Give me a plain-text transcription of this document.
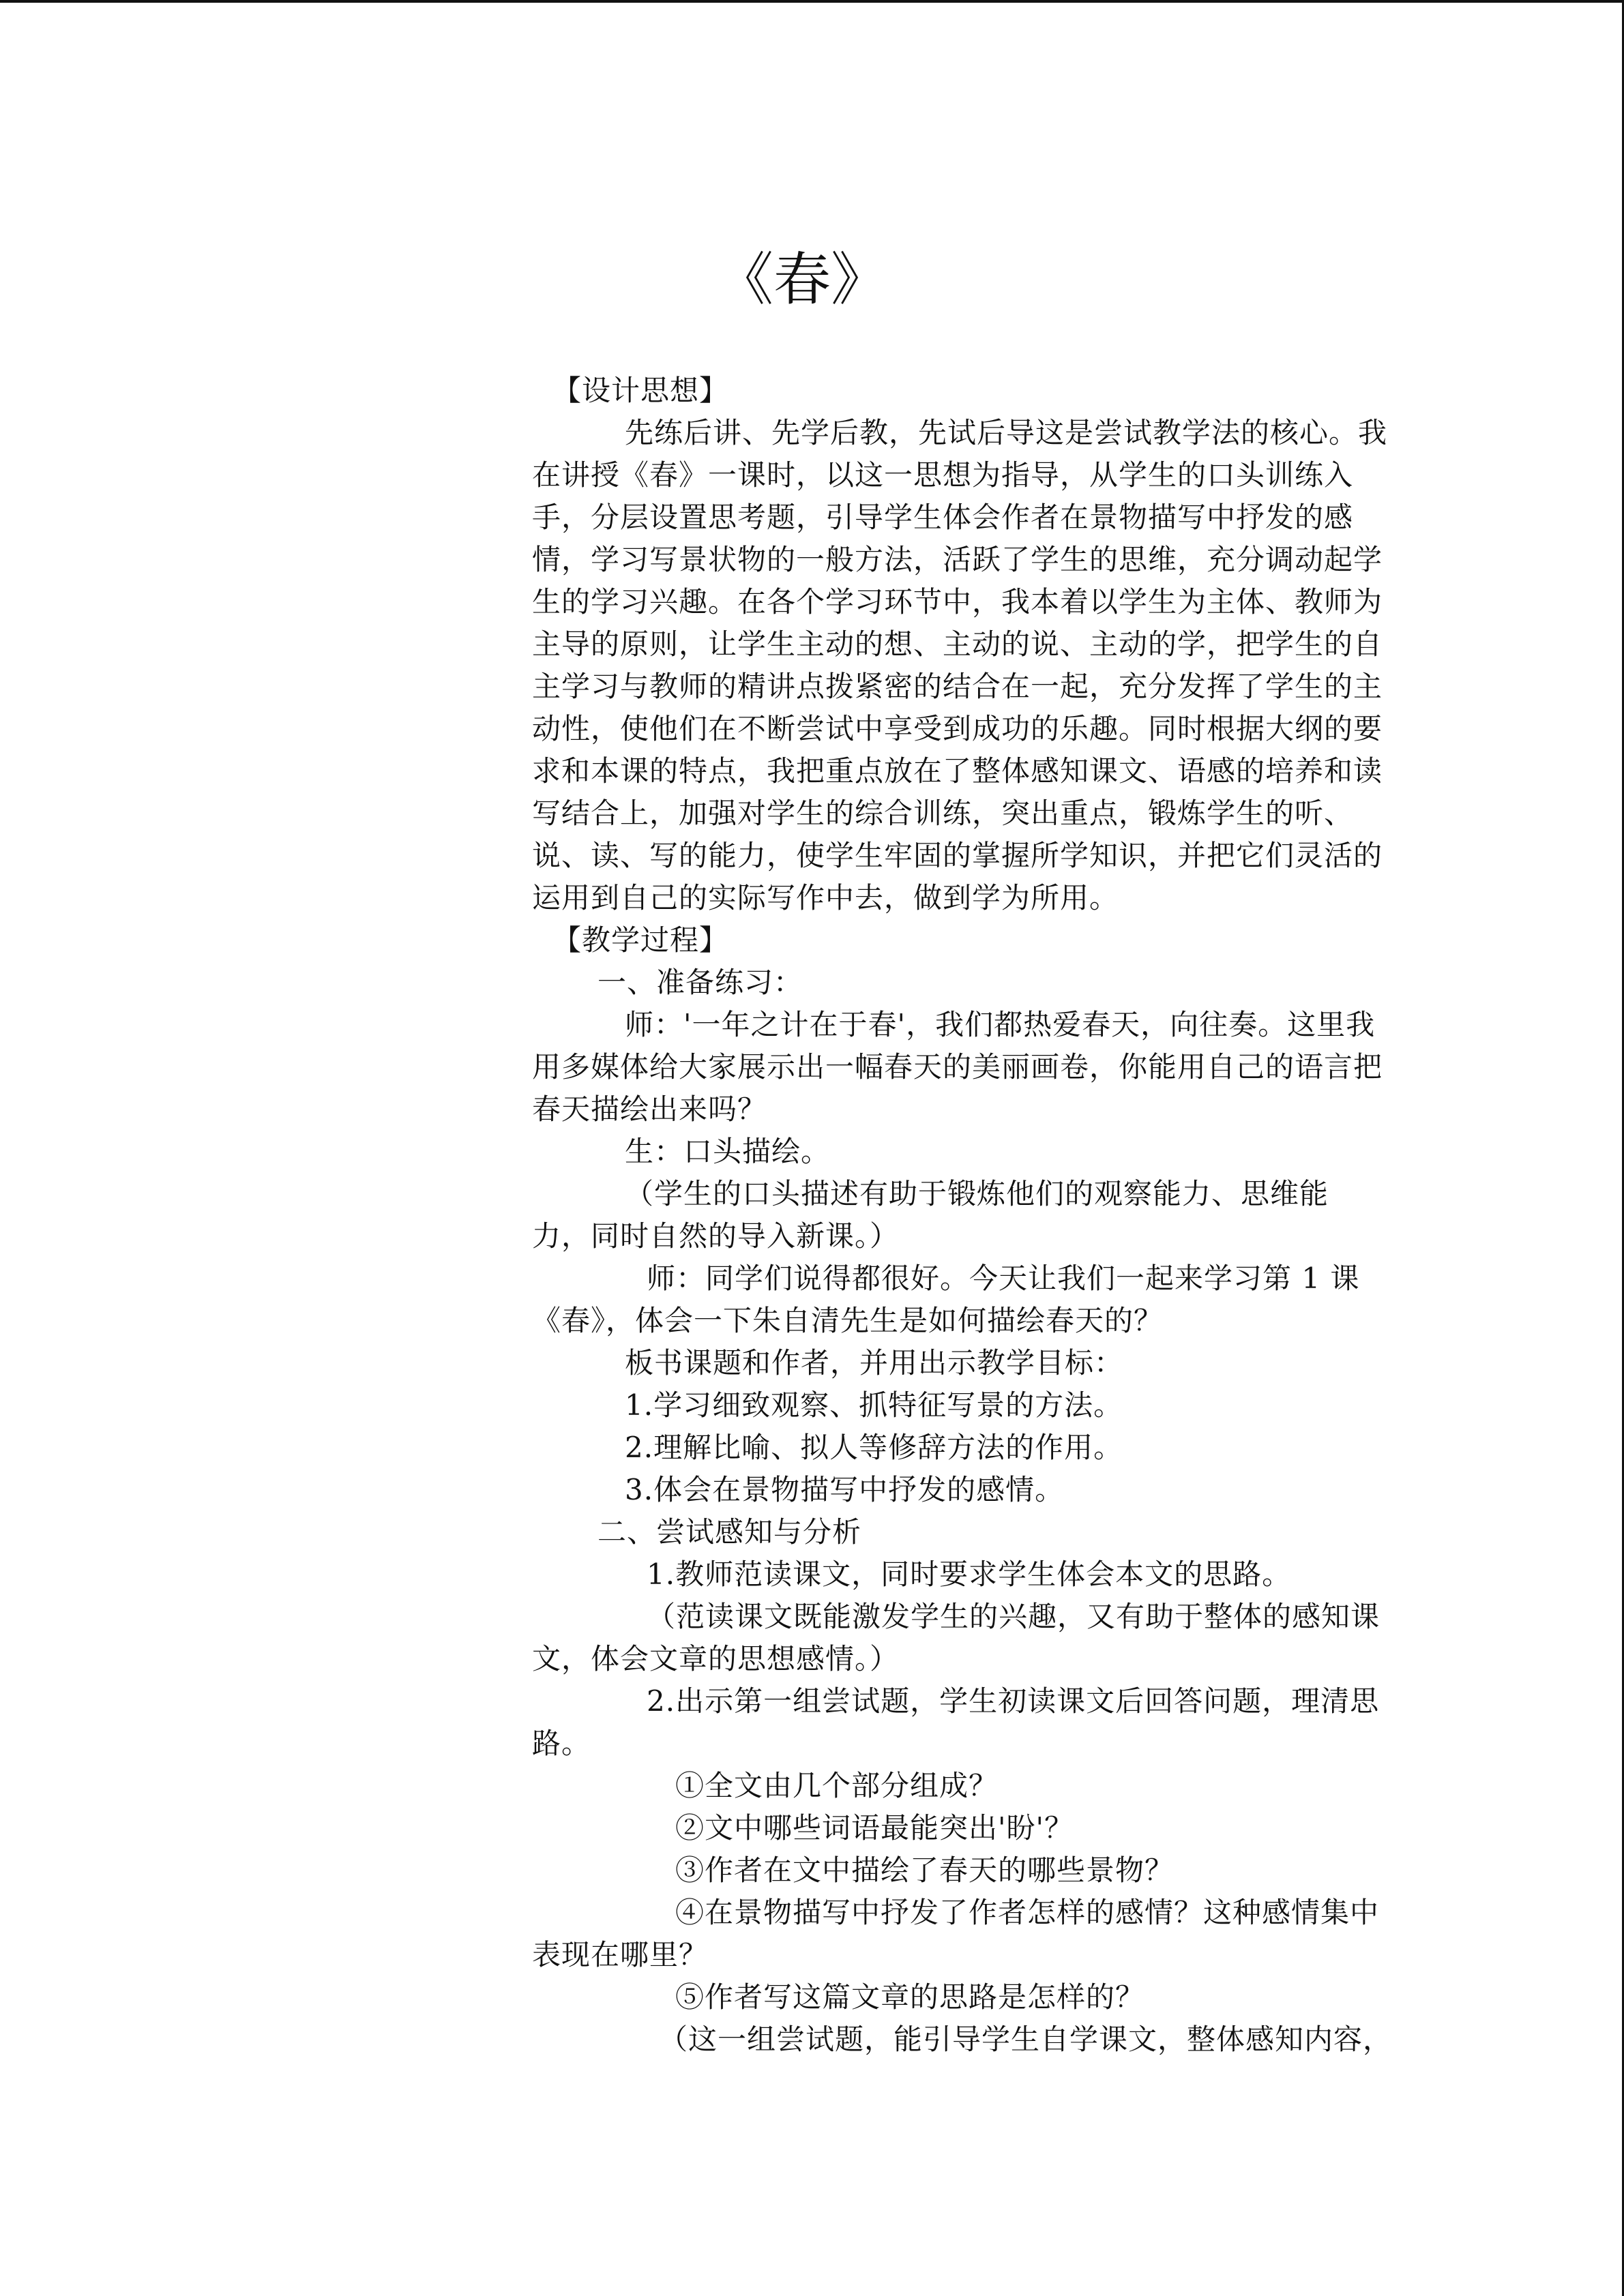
《春》
【设计思想】
先练后讲、先学后教，先试后导这是尝试教学法的核心。我
在讲授《春》一课时，以这一思想为指导，从学生的口头训练入
手，分层设置思考题，引导学生体会作者在景物描写中抒发的感
情，学习写景状物的一般方法，活跃了学生的思维，充分调动起学
生的学习兴趣。在各个学习环节中，我本着以学生为主体、教师为
主导的原则，让学生主动的想、主动的说、主动的学，把学生的自
主学习与教师的精讲点拨紧密的结合在一起，充分发挥了学生的主
动性，使他们在不断尝试中享受到成功的乐趣。同时根据大纲的要
求和本课的特点，我把重点放在了整体感知课文、语感的培养和读
写结合上，加强对学生的综合训练，突出重点，锻炼学生的听、
说、读、写的能力，使学生牢固的掌握所学知识，并把它们灵活的
运用到自己的实际写作中去，做到学为所用。
【教学过程】
一、准备练习：
师：'一年之计在于春'，我们都热爱春天，向往奏。这里我
用多媒体给大家展示出一幅春天的美丽画卷，你能用自己的语言把
春天描绘出来吗？
生：口头描绘。
（学生的口头描述有助于锻炼他们的观察能力、思维能
力，同时自然的导入新课。）
师：同学们说得都很好。今天让我们一起来学习第 1 课
《春》，体会一下朱自清先生是如何描绘春天的？
板书课题和作者，并用出示教学目标：
1.学习细致观察、抓特征写景的方法。
2.理解比喻、拟人等修辞方法的作用。
3.体会在景物描写中抒发的感情。
二、尝试感知与分析
1.教师范读课文，同时要求学生体会本文的思路。
（范读课文既能激发学生的兴趣，又有助于整体的感知课
文，体会文章的思想感情。）
2.出示第一组尝试题，学生初读课文后回答问题，理清思
路。
①全文由几个部分组成？
②文中哪些词语最能突出'盼'？
③作者在文中描绘了春天的哪些景物？
④在景物描写中抒发了作者怎样的感情？这种感情集中
表现在哪里？
⑤作者写这篇文章的思路是怎样的？
（这一组尝试题，能引导学生自学课文，整体感知内容，
